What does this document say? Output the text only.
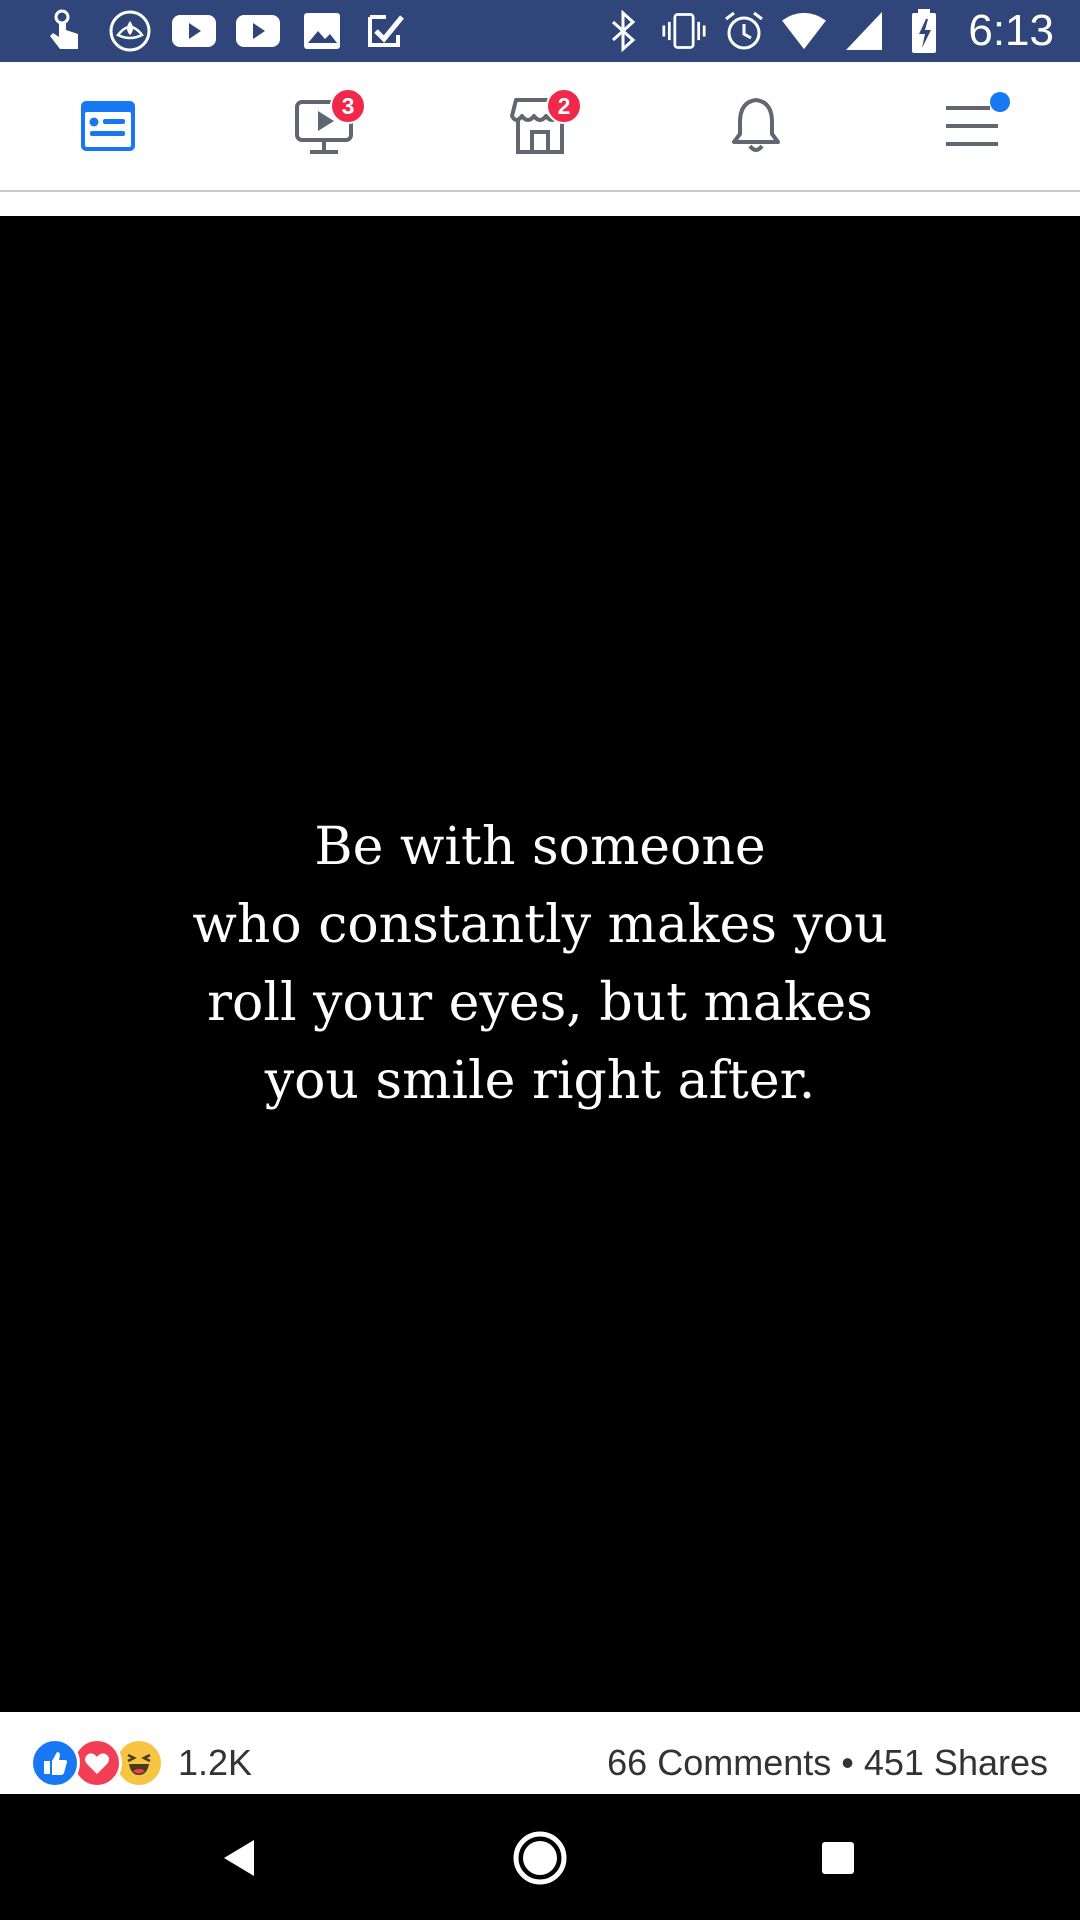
6:13
3	2
Be with someone
who constantly makes you
roll your eyes, but makes
you smile right after.
1.2K	66 Comments • 451 Shares
